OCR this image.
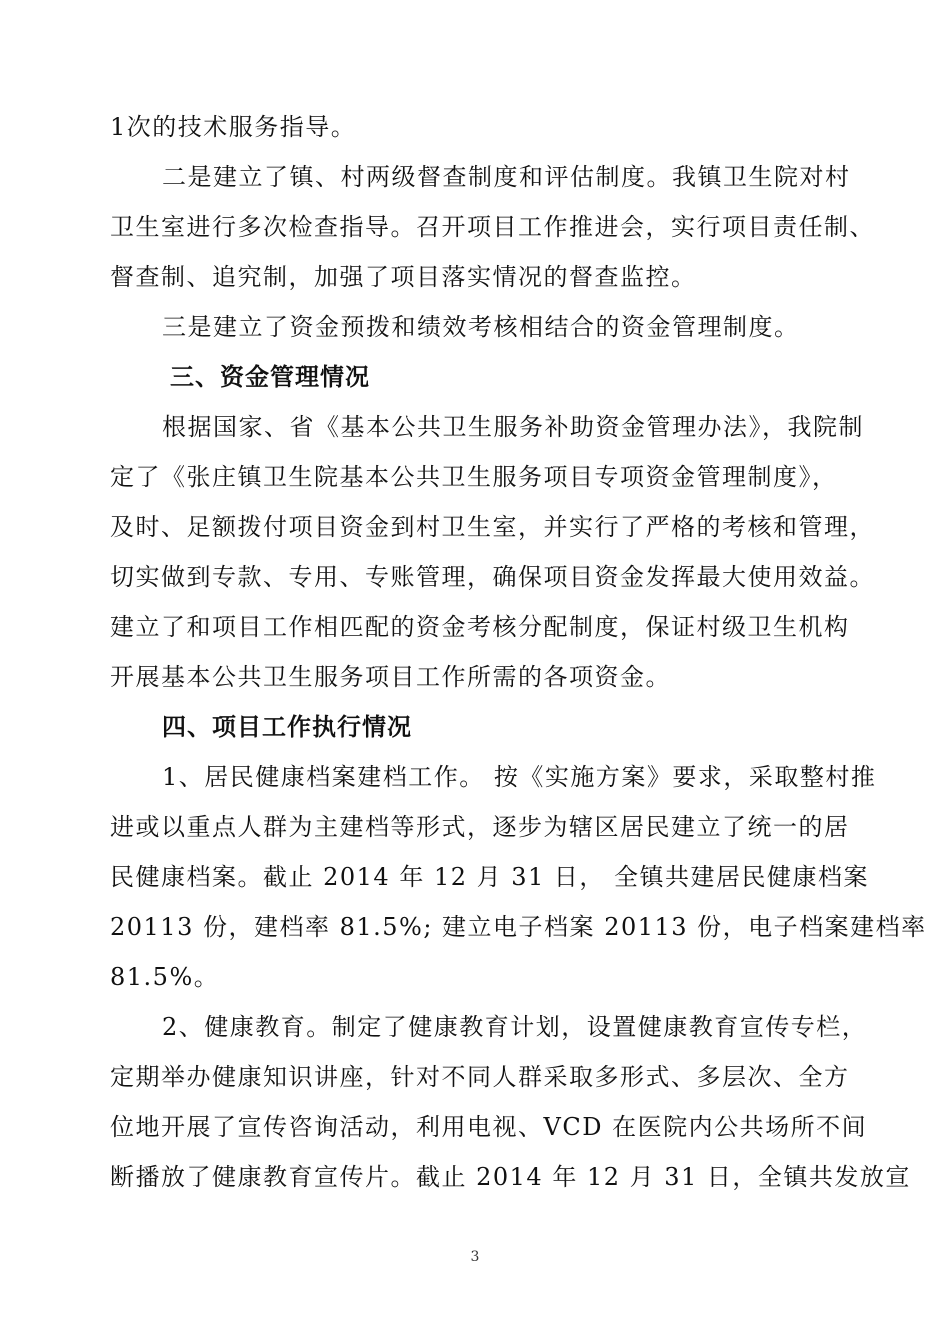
1次的技术服务指导。
二是建立了镇、村两级督查制度和评估制度。我镇卫生院对村
卫生室进行多次检查指导。召开项目工作推进会，实行项目责任制、
督查制、追究制，加强了项目落实情况的督查监控。
三是建立了资金预拨和绩效考核相结合的资金管理制度。
三、资金管理情况
根据国家、省《基本公共卫生服务补助资金管理办法》，我院制
定了《张庄镇卫生院基本公共卫生服务项目专项资金管理制度》，
及时、足额拨付项目资金到村卫生室，并实行了严格的考核和管理，
切实做到专款、专用、专账管理，确保项目资金发挥最大使用效益。
建立了和项目工作相匹配的资金考核分配制度，保证村级卫生机构
开展基本公共卫生服务项目工作所需的各项资金。
四、项目工作执行情况
1、居民健康档案建档工作。 按《实施方案》要求，采取整村推
进或以重点人群为主建档等形式，逐步为辖区居民建立了统一的居
民健康档案。截止 2014 年 12 月 31 日， 全镇共建居民健康档案
20113 份，建档率 81.5%; 建立电子档案 20113 份，电子档案建档率
81.5%。
2、健康教育。制定了健康教育计划，设置健康教育宣传专栏，
定期举办健康知识讲座，针对不同人群采取多形式、多层次、全方
位地开展了宣传咨询活动，利用电视、VCD 在医院内公共场所不间
断播放了健康教育宣传片。截止 2014 年 12 月 31 日，全镇共发放宣
3
